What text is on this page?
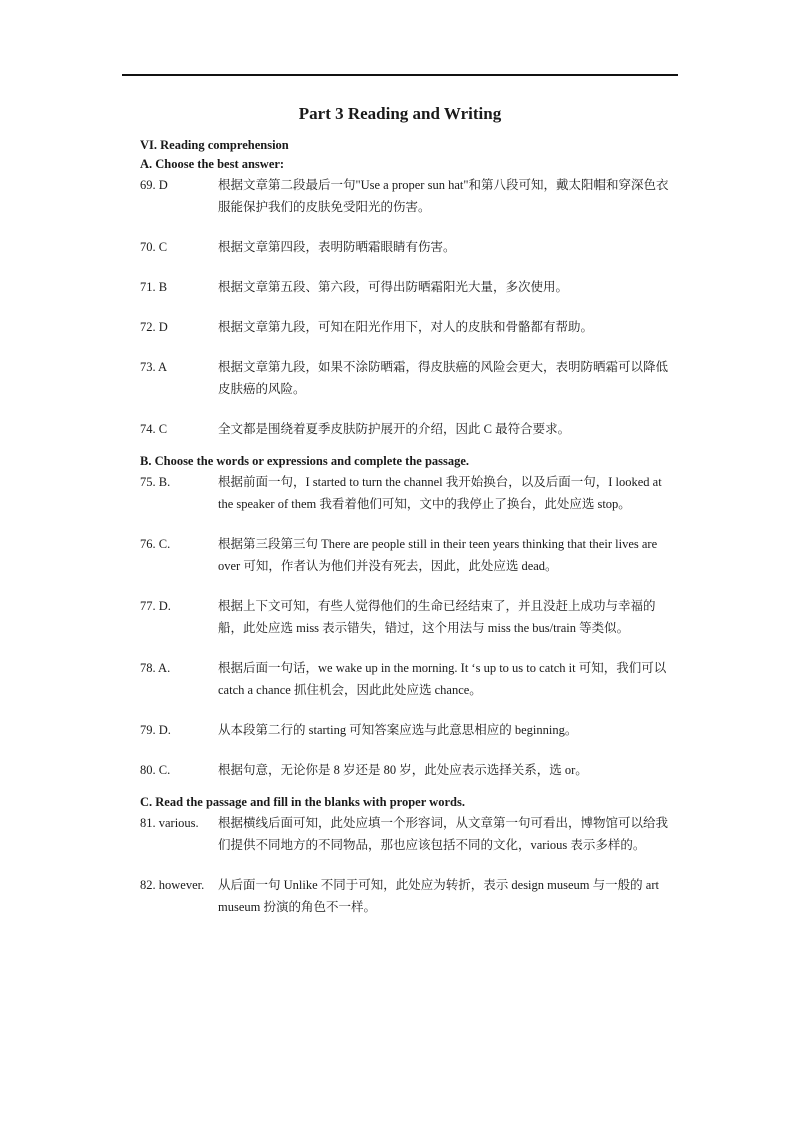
Part 3 Reading and Writing
VI. Reading comprehension
A. Choose the best answer:
69. D	根据文章第二段最后一句"Use a proper sun hat"和第八段可知，戴太阳帽和穿深色衣服能保护我们的皮肤免受阳光的伤害。
70. C	根据文章第四段，表明防晒霜眼睛有伤害。
71. B	根据文章第五段、第六段，可得出防晒霜阳光大量，多次使用。
72. D	根据文章第九段，可知在阳光作用下，对人的皮肤和骨骼都有帮助。
73. A	根据文章第九段，如果不涂防晒霜，得皮肤癌的风险会更大，表明防晒霜可以降低皮肤癌的风险。
74. C	全文都是围绕着夏季皮肤防护展开的介绍，因此 C 最符合要求。
B. Choose the words or expressions and complete the passage.
75. B.	根据前面一句，I started to turn the channel 我开始换台，以及后面一句，I looked at the speaker of them 我看着他们可知，文中的我停止了换台，此处应选 stop。
76. C.	根据第三段第三句 There are people still in their teen years thinking that their lives are over 可知，作者认为他们并没有死去，因此，此处应选 dead。
77. D.	根据上下文可知，有些人觉得他们的生命已经结束了，并且没赶上成功与幸福的船，此处应选 miss 表示错失，错过，这个用法与 miss the bus/train 等类似。
78. A.	根据后面一句话，we wake up in the morning. It ‘s up to us to catch it 可知，我们可以 catch a chance 抓住机会，因此此处应选 chance。
79. D.	从本段第二行的 starting 可知答案应选与此意思相应的 beginning。
80. C.	根据句意，无论你是 8 岁还是 80 岁，此处应表示选择关系，选 or。
C. Read the passage and fill in the blanks with proper words.
81. various.	根据横线后面可知，此处应填一个形容词，从文章第一句可看出，博物馆可以给我们提供不同地方的不同物品，那也应该包括不同的文化，various 表示多样的。
82. however.	从后面一句 Unlike 不同于可知，此处应为转折，表示 design museum 与一般的 art museum 扮演的角色不一样。
